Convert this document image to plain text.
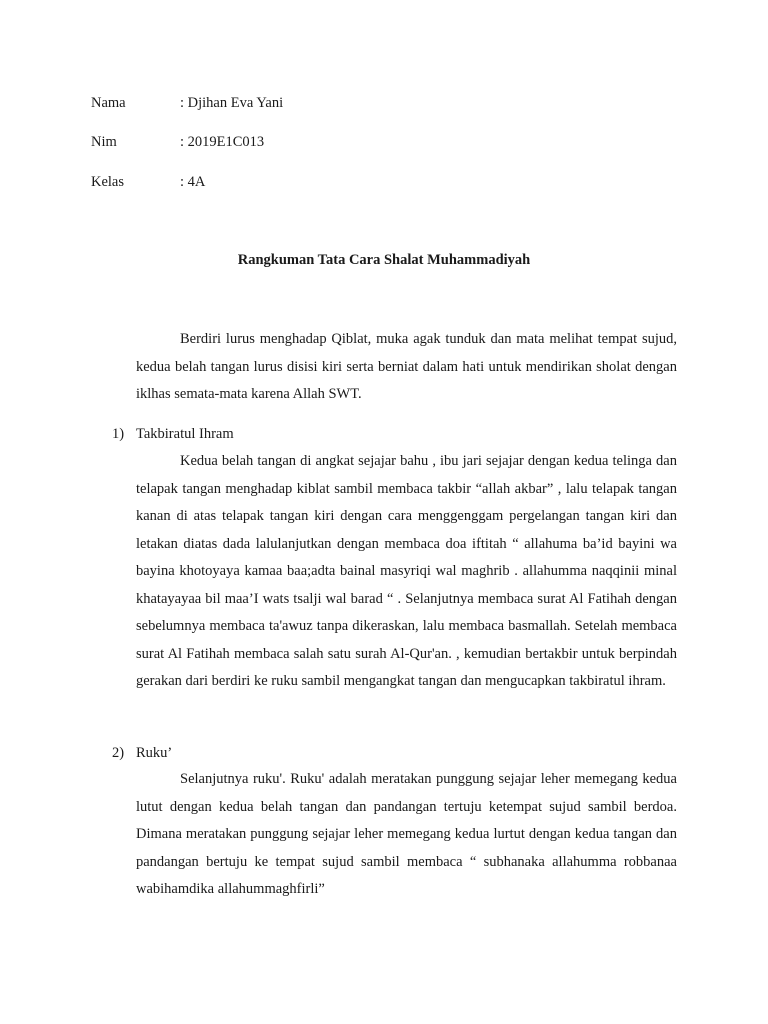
Nama	: Djihan Eva Yani
Nim	: 2019E1C013
Kelas	: 4A
Rangkuman Tata Cara Shalat Muhammadiyah

Berdiri lurus menghadap Qiblat, muka agak tunduk dan mata melihat tempat sujud, kedua belah tangan lurus disisi kiri serta berniat dalam hati untuk mendirikan sholat dengan iklhas semata-mata karena Allah SWT.

1) Takbiratul Ihram

Kedua belah tangan di angkat sejajar bahu , ibu jari sejajar dengan kedua telinga dan telapak tangan menghadap kiblat sambil membaca takbir “allah akbar” , lalu telapak tangan kanan di atas telapak tangan kiri dengan cara menggenggam pergelangan tangan kiri dan letakan diatas dada lalulanjutkan dengan membaca doa iftitah “ allahuma ba’id bayini wa bayina khotoyaya kamaa baa;adta bainal masyriqi wal maghrib . allahumma naqqinii minal khatayayaa bil maa’I wats tsalji wal barad “ . Selanjutnya membaca surat Al Fatihah dengan sebelumnya membaca ta'awuz tanpa dikeraskan, lalu membaca basmallah. Setelah membaca surat Al Fatihah membaca salah satu surah Al-Qur'an. , kemudian bertakbir untuk berpindah gerakan dari berdiri ke ruku sambil mengangkat tangan dan mengucapkan takbiratul ihram.

2) Ruku’

Selanjutnya ruku'. Ruku' adalah meratakan punggung sejajar leher memegang kedua lutut dengan kedua belah tangan dan pandangan tertuju ketempat sujud sambil berdoa. Dimana meratakan punggung sejajar leher memegang kedua lurtut dengan kedua tangan dan pandangan bertuju ke tempat sujud sambil membaca “ subhanaka allahumma robbanaa wabihamdika allahummaghfirli”
